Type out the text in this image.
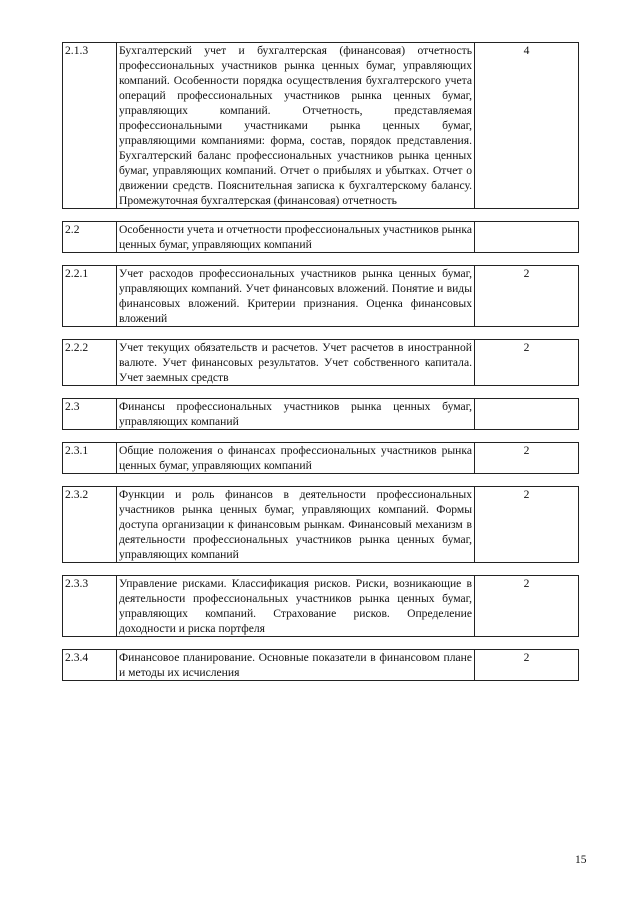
2.1.3	Бухгалтерский учет и бухгалтерская (финансовая) отчетность профессиональных участников рынка ценных бумаг, управляющих компаний. Особенности порядка осуществления бухгалтерского учета операций профессиональных участников рынка ценных бумаг, управляющих компаний. Отчетность, представляемая профессиональными участниками рынка ценных бумаг, управляющими компаниями: форма, состав, порядок представления. Бухгалтерский баланс профессиональных участников рынка ценных бумаг, управляющих компаний. Отчет о прибылях и убытках. Отчет о движении средств. Пояснительная записка к бухгалтерскому балансу. Промежуточная бухгалтерская (финансовая) отчетность	4

2.2	Особенности учета и отчетности профессиональных участников рынка ценных бумаг, управляющих компаний	

2.2.1	Учет расходов профессиональных участников рынка ценных бумаг, управляющих компаний. Учет финансовых вложений. Понятие и виды финансовых вложений. Критерии признания. Оценка финансовых вложений	2

2.2.2	Учет текущих обязательств и расчетов. Учет расчетов в иностранной валюте. Учет финансовых результатов. Учет собственного капитала. Учет заемных средств	2

2.3	Финансы профессиональных участников рынка ценных бумаг, управляющих компаний	

2.3.1	Общие положения о финансах профессиональных участников рынка ценных бумаг, управляющих компаний	2

2.3.2	Функции и роль финансов в деятельности профессиональных участников рынка ценных бумаг, управляющих компаний. Формы доступа организации к финансовым рынкам. Финансовый механизм в деятельности профессиональных участников рынка ценных бумаг, управляющих компаний	2

2.3.3	Управление рисками. Классификация рисков. Риски, возникающие в деятельности профессиональных участников рынка ценных бумаг, управляющих компаний. Страхование рисков. Определение доходности и риска портфеля	2

2.3.4	Финансовое планирование. Основные показатели в финансовом плане и методы их исчисления	2
15
